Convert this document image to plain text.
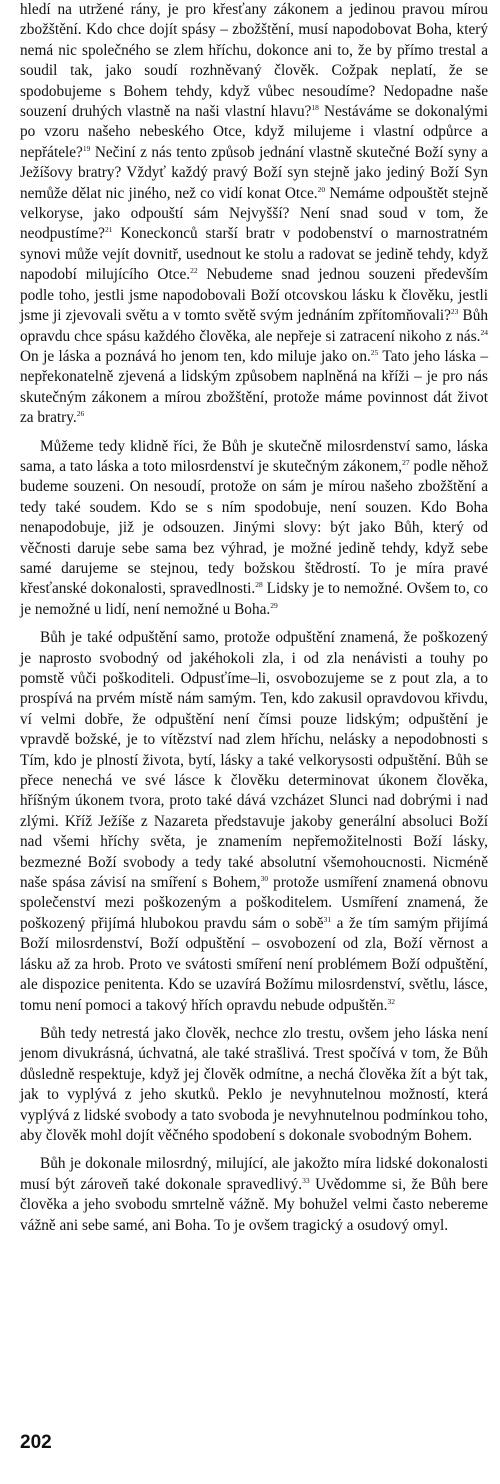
hledí na utržené rány, je pro křesťany zákonem a jedinou pravou mírou zbožštění. Kdo chce dojít spásy – zbožštění, musí napodobovat Boha, který nemá nic společného se zlem hříchu, dokonce ani to, že by přímo trestal a soudil tak, jako soudí rozhněvaný člověk. Cožpak neplatí, že se spodobujeme s Bohem tehdy, když vůbec nesoudíme? Nedopadne naše souzení druhých vlastně na naši vlastní hlavu?$^{18}$ Nestáváme se dokonalými po vzoru našeho nebeského Otce, když milujeme i vlastní odpůrce a nepřátele?$^{19}$ Nečiní z nás tento způsob jednání vlastně skutečné Boží syny a Ježíšovy bratry? Vždyť každý pravý Boží syn stejně jako jediný Boží Syn nemůže dělat nic jiného, než co vidí konat Otce.$^{20}$ Nemáme odpouštět stejně velkoryse, jako odpouští sám Nejvyšší? Není snad soud v tom, že neodpustíme?$^{21}$ Koneckonců starší bratr v podobenství o marnostratném synovi může vejít dovnitř, usednout ke stolu a radovat se jedině tehdy, když napodobí milujícího Otce.$^{22}$ Nebudeme snad jednou souzeni především podle toho, jestli jsme napodobovali Boží otcovskou lásku k člověku, jestli jsme ji zjevovali světu a v tomto světě svým jednáním zpřítomňovali?$^{23}$ Bůh opravdu chce spásu každého člověka, ale nepřeje si zatracení nikoho z nás.$^{24}$ On je láska a poznává ho jenom ten, kdo miluje jako on.$^{25}$ Tato jeho láska – nepřekonatelně zjevená a lidským způsobem naplněná na kříži – je pro nás skutečným zákonem a mírou zbožštění, protože máme povinnost dát život za bratry.$^{26}$

Můžeme tedy klidně říci, že Bůh je skutečně milosrdenství samo, láska sama, a tato láska a toto milosrdenství je skutečným zákonem,$^{27}$ podle něhož budeme souzeni. On nesoudí, protože on sám je mírou našeho zbožštění a tedy také soudem. Kdo se s ním spodobuje, není souzen. Kdo Boha nenapodobuje, již je odsouzen. Jinými slovy: být jako Bůh, který od věčnosti daruje sebe sama bez výhrad, je možné jedině tehdy, když sebe samé darujeme se stejnou, tedy božskou štědrostí. To je míra pravé křesťanské dokonalosti, spravedlnosti.$^{28}$ Lidsky je to nemožné. Ovšem to, co je nemožné u lidí, není nemožné u Boha.$^{29}$

Bůh je také odpuštění samo, protože odpuštění znamená, že poškozený je naprosto svobodný od jakéhokoli zla, i od zla nenávisti a touhy po pomstě vůči poškoditeli. Odpusťíme–li, osvobozujeme se z pout zla, a to prospívá na prvém místě nám samým. Ten, kdo zakusil opravdovou křivdu, ví velmi dobře, že odpuštění není čímsi pouze lidským; odpuštění je vpravdě božské, je to vítězství nad zlem hříchu, nelásky a nepodobnosti s Tím, kdo je plností života, bytí, lásky a také velkorysosti odpuštění. Bůh se přece nenechá ve své lásce k člověku determinovat úkonem člověka, hříšným úkonem tvora, proto také dává vzcházet Slunci nad dobrými i nad zlými. Kříž Ježíše z Nazareta představuje jakoby generální absoluci Boží nad všemi hříchy světa, je znamením nepřemožitelnosti Boží lásky, bezmezné Boží svobody a tedy také absolutní všemohoucnosti. Nicméně naše spása závisí na smíření s Bohem,$^{30}$ protože usmíření znamená obnovu společenství mezi poškozeným a poškoditelem. Usmíření znamená, že poškozený přijímá hlubokou pravdu sám o sobě$^{31}$ a že tím samým přijímá Boží milosrdenství, Boží odpuštění – osvobození od zla, Boží věrnost a lásku až za hrob. Proto ve svátosti smíření není problémem Boží odpuštění, ale dispozice penitenta. Kdo se uzavírá Božímu milosrdenství, světlu, lásce, tomu není pomoci a takový hřích opravdu nebude odpuštěn.$^{32}$

Bůh tedy netrestá jako člověk, nechce zlo trestu, ovšem jeho láska není jenom divukrásná, úchvatná, ale také strašlivá. Trest spočívá v tom, že Bůh důsledně respektuje, když jej člověk odmítne, a nechá člověka žít a být tak, jak to vyplývá z jeho skutků. Peklo je nevyhnutelnou možností, která vyplývá z lidské svobody a tato svoboda je nevyhnutelnou podmínkou toho, aby člověk mohl dojít věčného spodobení s dokonale svobodným Bohem.

Bůh je dokonale milosrdný, milující, ale jakožto míra lidské dokonalosti musí být zároveň také dokonale spravedlivý.$^{33}$ Uvědomme si, že Bůh bere člověka a jeho svobodu smrtelně vážně. My bohužel velmi často nebereme vážně ani sebe samé, ani Boha. To je ovšem tragický a osudový omyl.

202
